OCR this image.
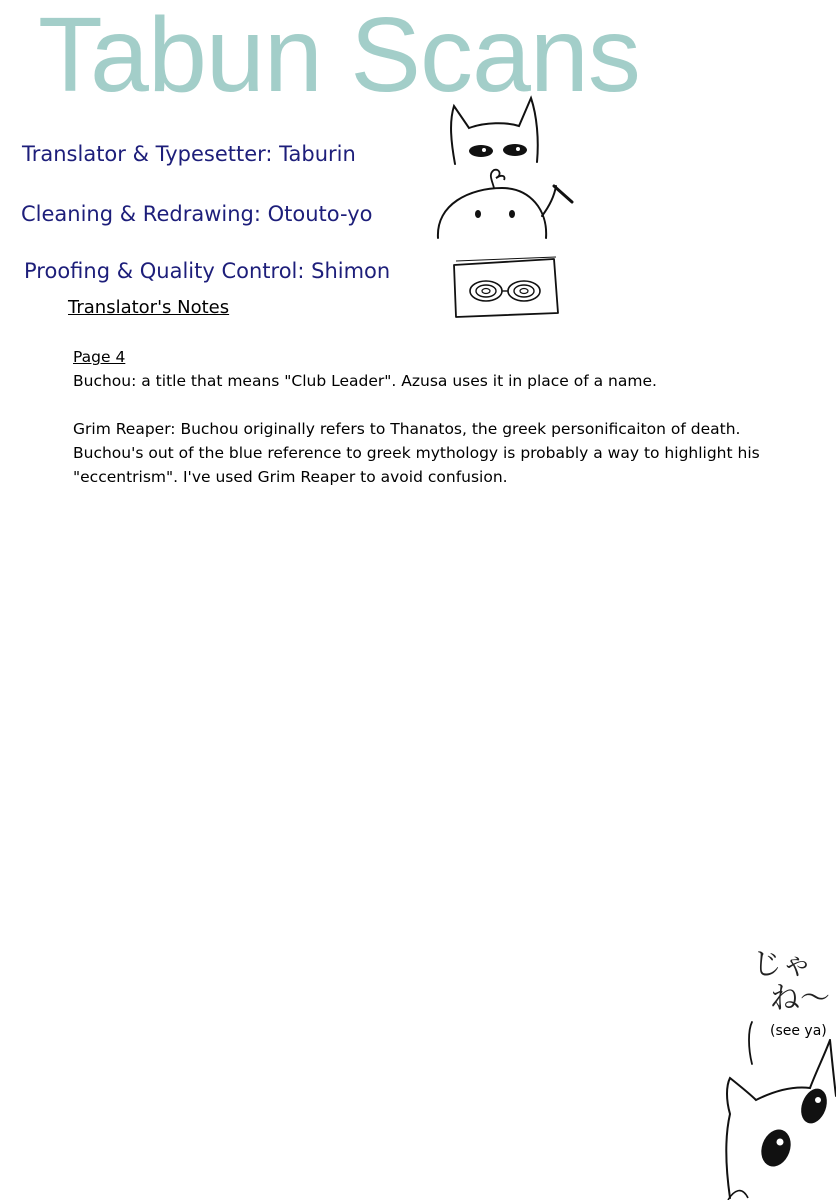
Tabun Scans

Translator & Typesetter: Taburin

Cleaning & Redrawing: Otouto-yo

Proofing & Quality Control: Shimon

Translator's Notes

Page 4

Buchou: a title that means "Club Leader". Azusa uses it in place of a name.

Grim Reaper: Buchou originally refers to Thanatos, the greek personificaiton of death. Buchou's out of the blue reference to greek mythology is probably a way to highlight his "eccentrism". I've used Grim Reaper to avoid confusion.

じゃ
ね～
(see ya)
